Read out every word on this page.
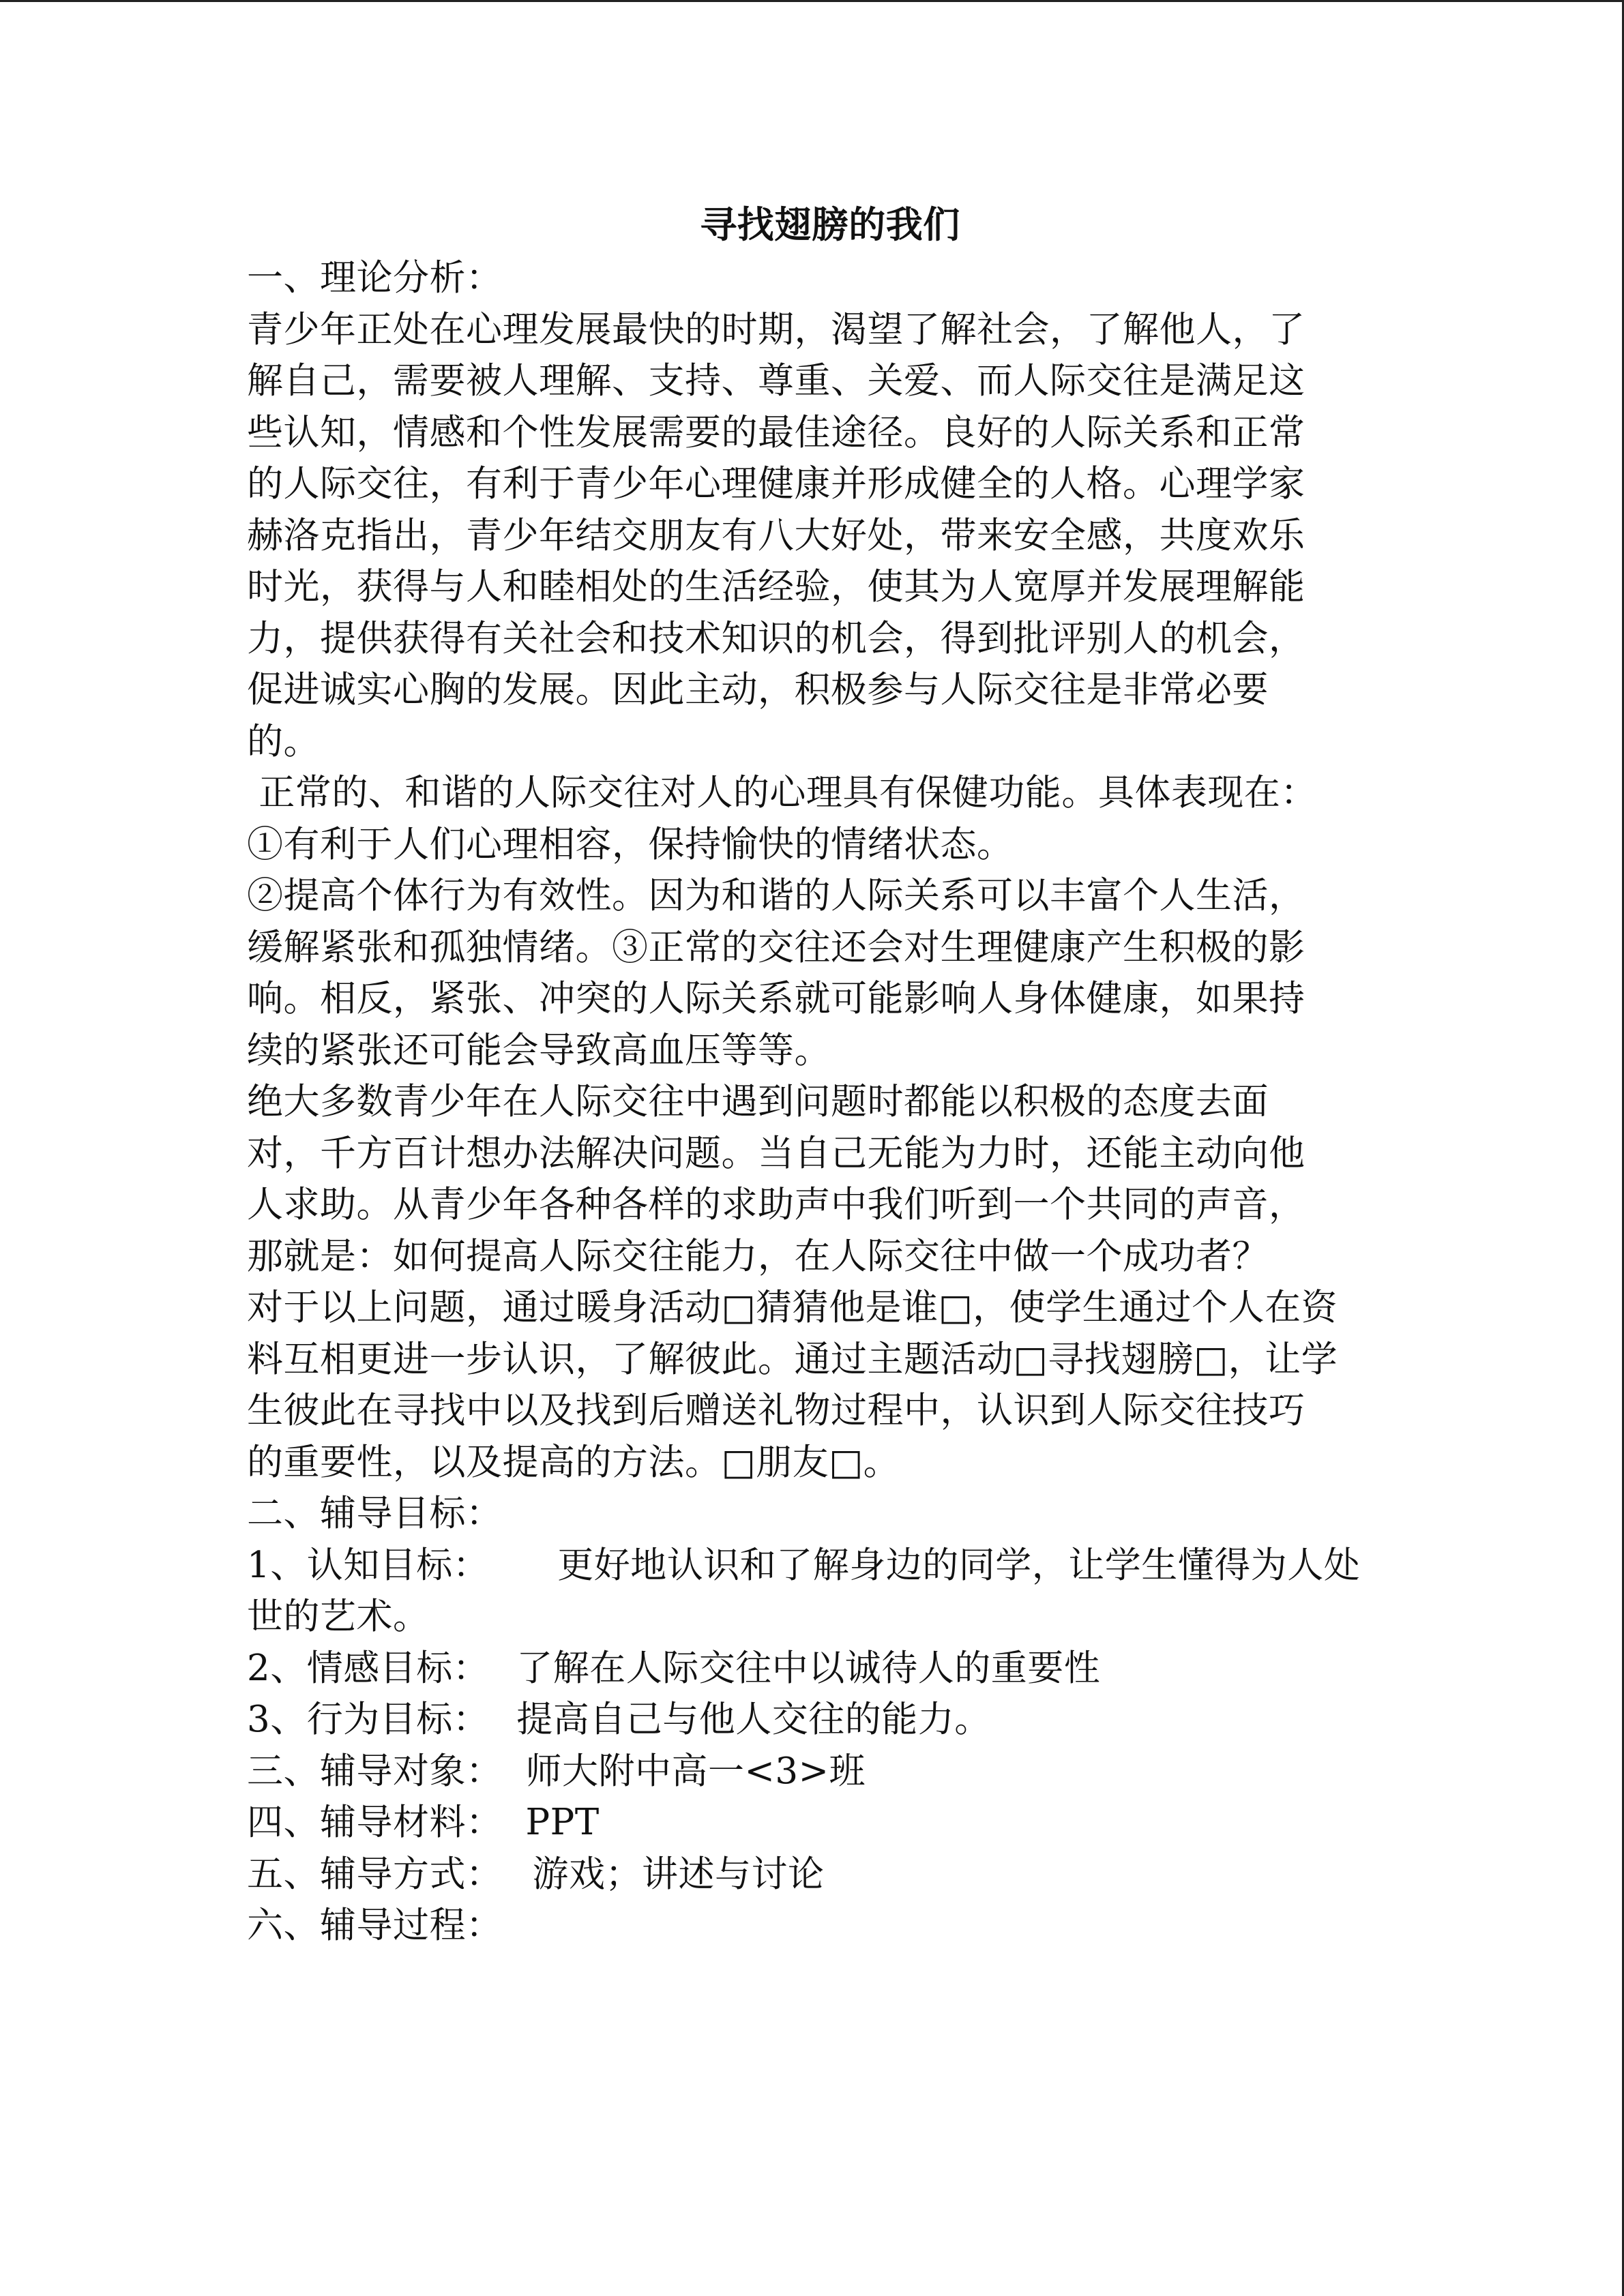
寻找翅膀的我们
一、理论分析：
青少年正处在心理发展最快的时期，渴望了解社会，了解他人，了
解自己，需要被人理解、支持、尊重、关爱、而人际交往是满足这
些认知，情感和个性发展需要的最佳途径。良好的人际关系和正常
的人际交往，有利于青少年心理健康并形成健全的人格。心理学家
赫洛克指出，青少年结交朋友有八大好处，带来安全感，共度欢乐
时光，获得与人和睦相处的生活经验，使其为人宽厚并发展理解能
力，提供获得有关社会和技术知识的机会，得到批评别人的机会，
促进诚实心胸的发展。因此主动，积极参与人际交往是非常必要
的。
正常的、和谐的人际交往对人的心理具有保健功能。具体表现在：
①有利于人们心理相容，保持愉快的情绪状态。
②提高个体行为有效性。因为和谐的人际关系可以丰富个人生活，
缓解紧张和孤独情绪。③正常的交往还会对生理健康产生积极的影
响。相反，紧张、冲突的人际关系就可能影响人身体健康，如果持
续的紧张还可能会导致高血压等等。
绝大多数青少年在人际交往中遇到问题时都能以积极的态度去面
对，千方百计想办法解决问题。当自己无能为力时，还能主动向他
人求助。从青少年各种各样的求助声中我们听到一个共同的声音，
那就是：如何提高人际交往能力，在人际交往中做一个成功者？
对于以上问题，通过暖身活动□猜猜他是谁□，使学生通过个人在资
料互相更进一步认识，了解彼此。通过主题活动□寻找翅膀□，让学
生彼此在寻找中以及找到后赠送礼物过程中，认识到人际交往技巧
的重要性，以及提高的方法。□朋友□。
二、辅导目标：
1、认知目标： 更好地认识和了解身边的同学，让学生懂得为人处
世的艺术。
2、情感目标： 了解在人际交往中以诚待人的重要性
3、行为目标： 提高自己与他人交往的能力。
三、辅导对象： 师大附中高一<3>班
四、辅导材料： PPT
五、辅导方式： 游戏；讲述与讨论
六、辅导过程：
